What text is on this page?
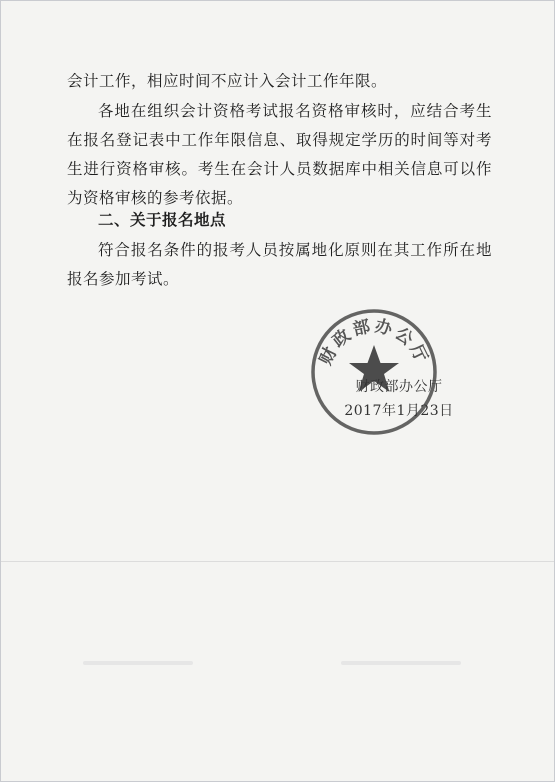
会计工作，相应时间不应计入会计工作年限。
各地在组织会计资格考试报名资格审核时，应结合考生在报名登记表中工作年限信息、取得规定学历的时间等对考生进行资格审核。考生在会计人员数据库中相关信息可以作为资格审核的参考依据。
二、关于报名地点
符合报名条件的报考人员按属地化原则在其工作所在地报名参加考试。
财政部办公厅
财政部办公厅
2017年1月23日
